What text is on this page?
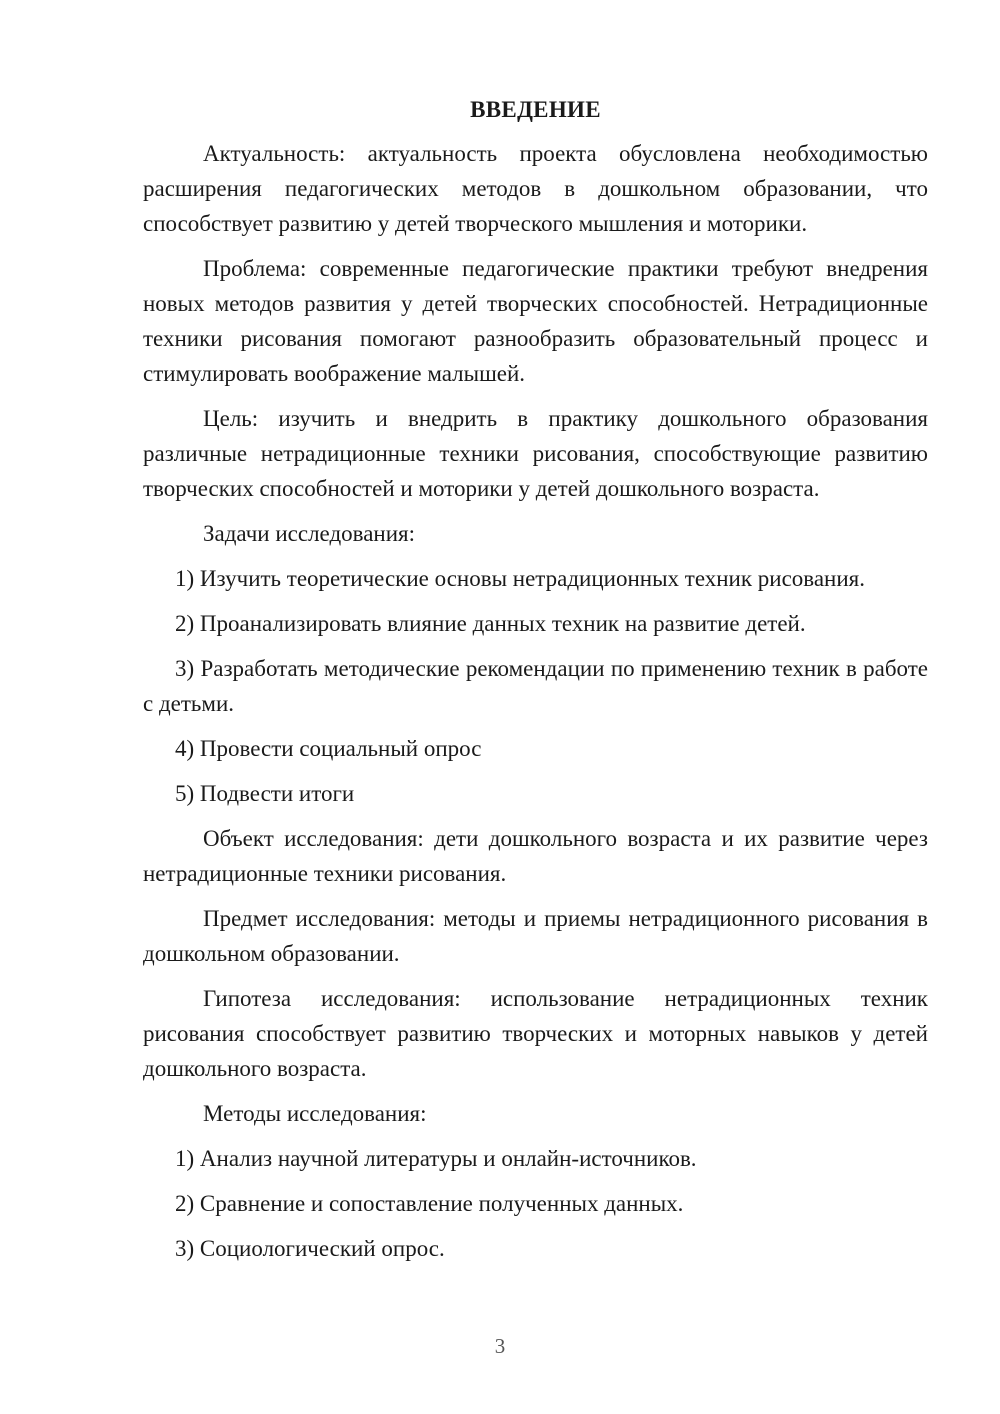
ВВЕДЕНИЕ

Актуальность: актуальность проекта обусловлена необходимостью расширения педагогических методов в дошкольном образовании, что способствует развитию у детей творческого мышления и моторики.

Проблема: современные педагогические практики требуют внедрения новых методов развития у детей творческих способностей. Нетрадиционные техники рисования помогают разнообразить образовательный процесс и стимулировать воображение малышей.

Цель: изучить и внедрить в практику дошкольного образования различные нетрадиционные техники рисования, способствующие развитию творческих способностей и моторики у детей дошкольного возраста.

Задачи исследования:

1) Изучить теоретические основы нетрадиционных техник рисования.

2) Проанализировать влияние данных техник на развитие детей.

3) Разработать методические рекомендации по применению техник в работе с детьми.

4) Провести социальный опрос

5) Подвести итоги

Объект исследования: дети дошкольного возраста и их развитие через нетрадиционные техники рисования.

Предмет исследования: методы и приемы нетрадиционного рисования в дошкольном образовании.

Гипотеза исследования: использование нетрадиционных техник рисования способствует развитию творческих и моторных навыков у детей дошкольного возраста.

Методы исследования:

1) Анализ научной литературы и онлайн-источников.

2) Сравнение и сопоставление полученных данных.

3) Социологический опрос.

3
